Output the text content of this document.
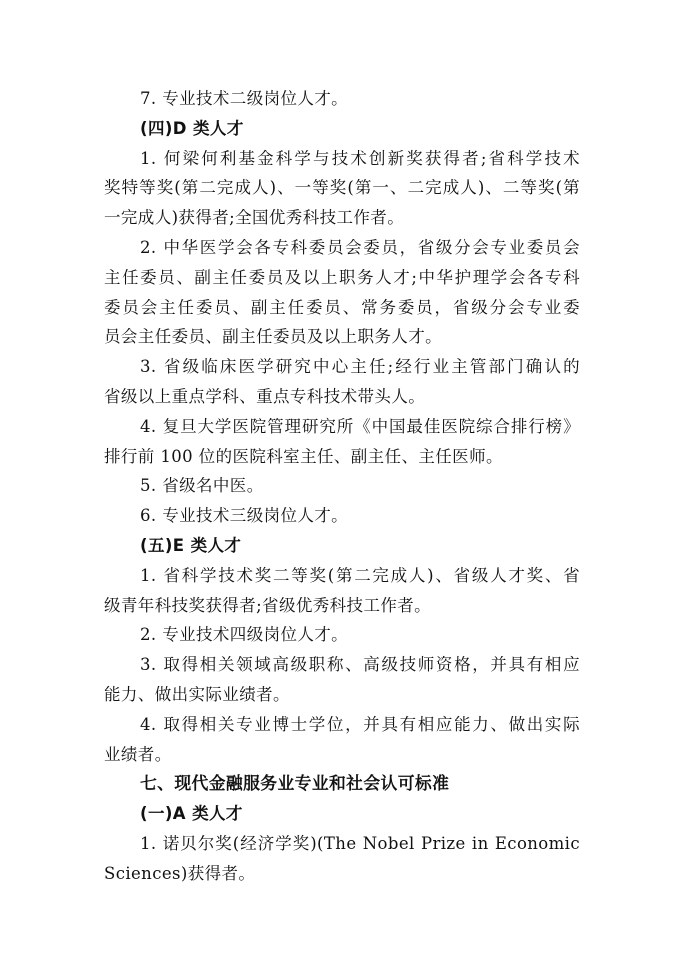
7. 专业技术二级岗位人才。
(四)D 类人才
1. 何梁何利基金科学与技术创新奖获得者;省科学技术
奖特等奖(第二完成人)、一等奖(第一、二完成人)、二等奖(第
一完成人)获得者;全国优秀科技工作者。
2. 中华医学会各专科委员会委员，省级分会专业委员会
主任委员、副主任委员及以上职务人才;中华护理学会各专科
委员会主任委员、副主任委员、常务委员，省级分会专业委
员会主任委员、副主任委员及以上职务人才。
3. 省级临床医学研究中心主任;经行业主管部门确认的
省级以上重点学科、重点专科技术带头人。
4. 复旦大学医院管理研究所《中国最佳医院综合排行榜》
排行前 100 位的医院科室主任、副主任、主任医师。
5. 省级名中医。
6. 专业技术三级岗位人才。
(五)E 类人才
1. 省科学技术奖二等奖(第二完成人)、省级人才奖、省
级青年科技奖获得者;省级优秀科技工作者。
2. 专业技术四级岗位人才。
3. 取得相关领域高级职称、高级技师资格，并具有相应
能力、做出实际业绩者。
4. 取得相关专业博士学位，并具有相应能力、做出实际
业绩者。
七、现代金融服务业专业和社会认可标准
(一)A 类人才
1. 诺贝尔奖(经济学奖)(The Nobel Prize in Economic
Sciences)获得者。
